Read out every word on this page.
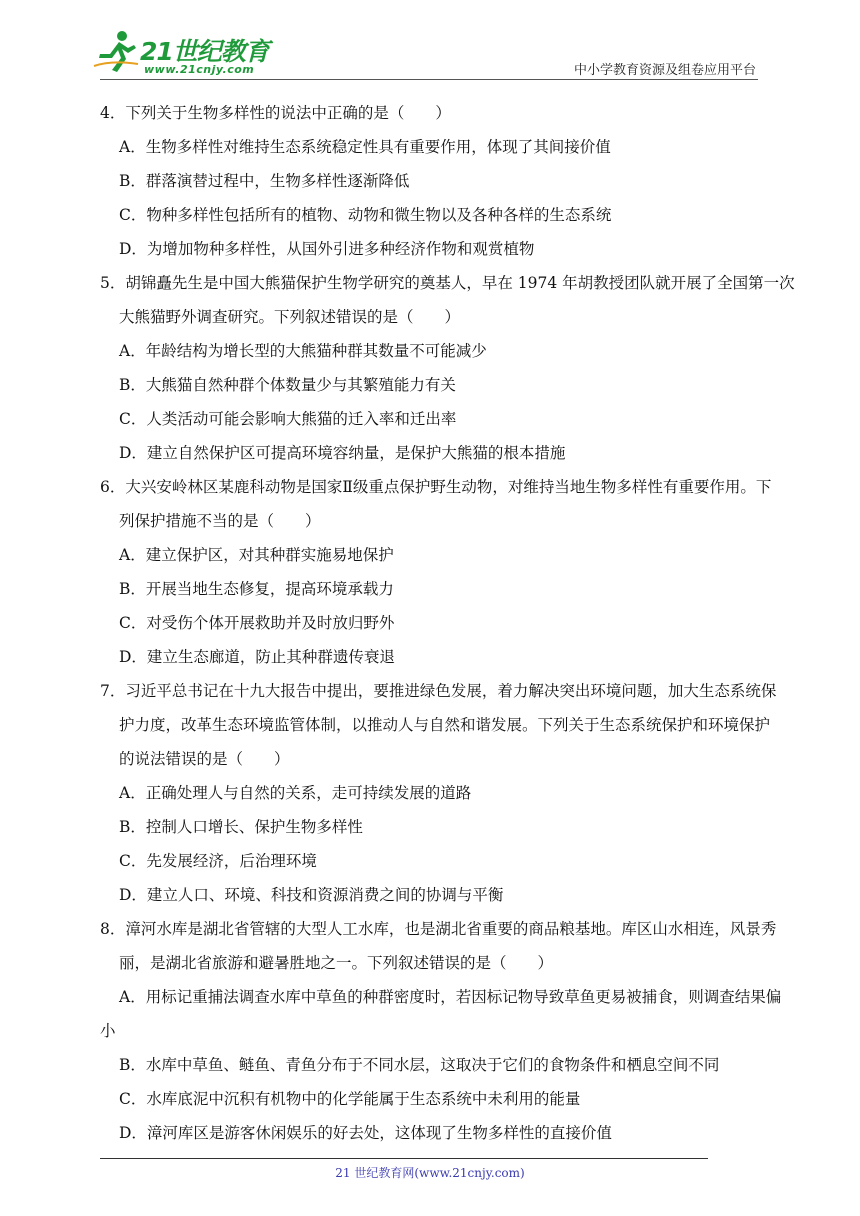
21世纪教育
www.21cnjy.com	中小学教育资源及组卷应用平台
4．下列关于生物多样性的说法中正确的是（　　）
A．生物多样性对维持生态系统稳定性具有重要作用，体现了其间接价值
B．群落演替过程中，生物多样性逐渐降低
C．物种多样性包括所有的植物、动物和微生物以及各种各样的生态系统
D．为增加物种多样性，从国外引进多种经济作物和观赏植物
5．胡锦矗先生是中国大熊猫保护生物学研究的奠基人，早在 1974 年胡教授团队就开展了全国第一次
大熊猫野外调查研究。下列叙述错误的是（　　）
A．年龄结构为增长型的大熊猫种群其数量不可能减少
B．大熊猫自然种群个体数量少与其繁殖能力有关
C．人类活动可能会影响大熊猫的迁入率和迁出率
D．建立自然保护区可提高环境容纳量，是保护大熊猫的根本措施
6．大兴安岭林区某鹿科动物是国家Ⅱ级重点保护野生动物，对维持当地生物多样性有重要作用。下
列保护措施不当的是（　　）
A．建立保护区，对其种群实施易地保护
B．开展当地生态修复，提高环境承载力
C．对受伤个体开展救助并及时放归野外
D．建立生态廊道，防止其种群遗传衰退
7．习近平总书记在十九大报告中提出，要推进绿色发展，着力解决突出环境问题，加大生态系统保
护力度，改革生态环境监管体制，以推动人与自然和谐发展。下列关于生态系统保护和环境保护
的说法错误的是（　　）
A．正确处理人与自然的关系，走可持续发展的道路
B．控制人口增长、保护生物多样性
C．先发展经济，后治理环境
D．建立人口、环境、科技和资源消费之间的协调与平衡
8．漳河水库是湖北省管辖的大型人工水库，也是湖北省重要的商品粮基地。库区山水相连，风景秀
丽，是湖北省旅游和避暑胜地之一。下列叙述错误的是（　　）
A．用标记重捕法调查水库中草鱼的种群密度时，若因标记物导致草鱼更易被捕食，则调查结果偏
小
B．水库中草鱼、鲢鱼、青鱼分布于不同水层，这取决于它们的食物条件和栖息空间不同
C．水库底泥中沉积有机物中的化学能属于生态系统中未利用的能量
D．漳河库区是游客休闲娱乐的好去处，这体现了生物多样性的直接价值
21 世纪教育网(www.21cnjy.com)
